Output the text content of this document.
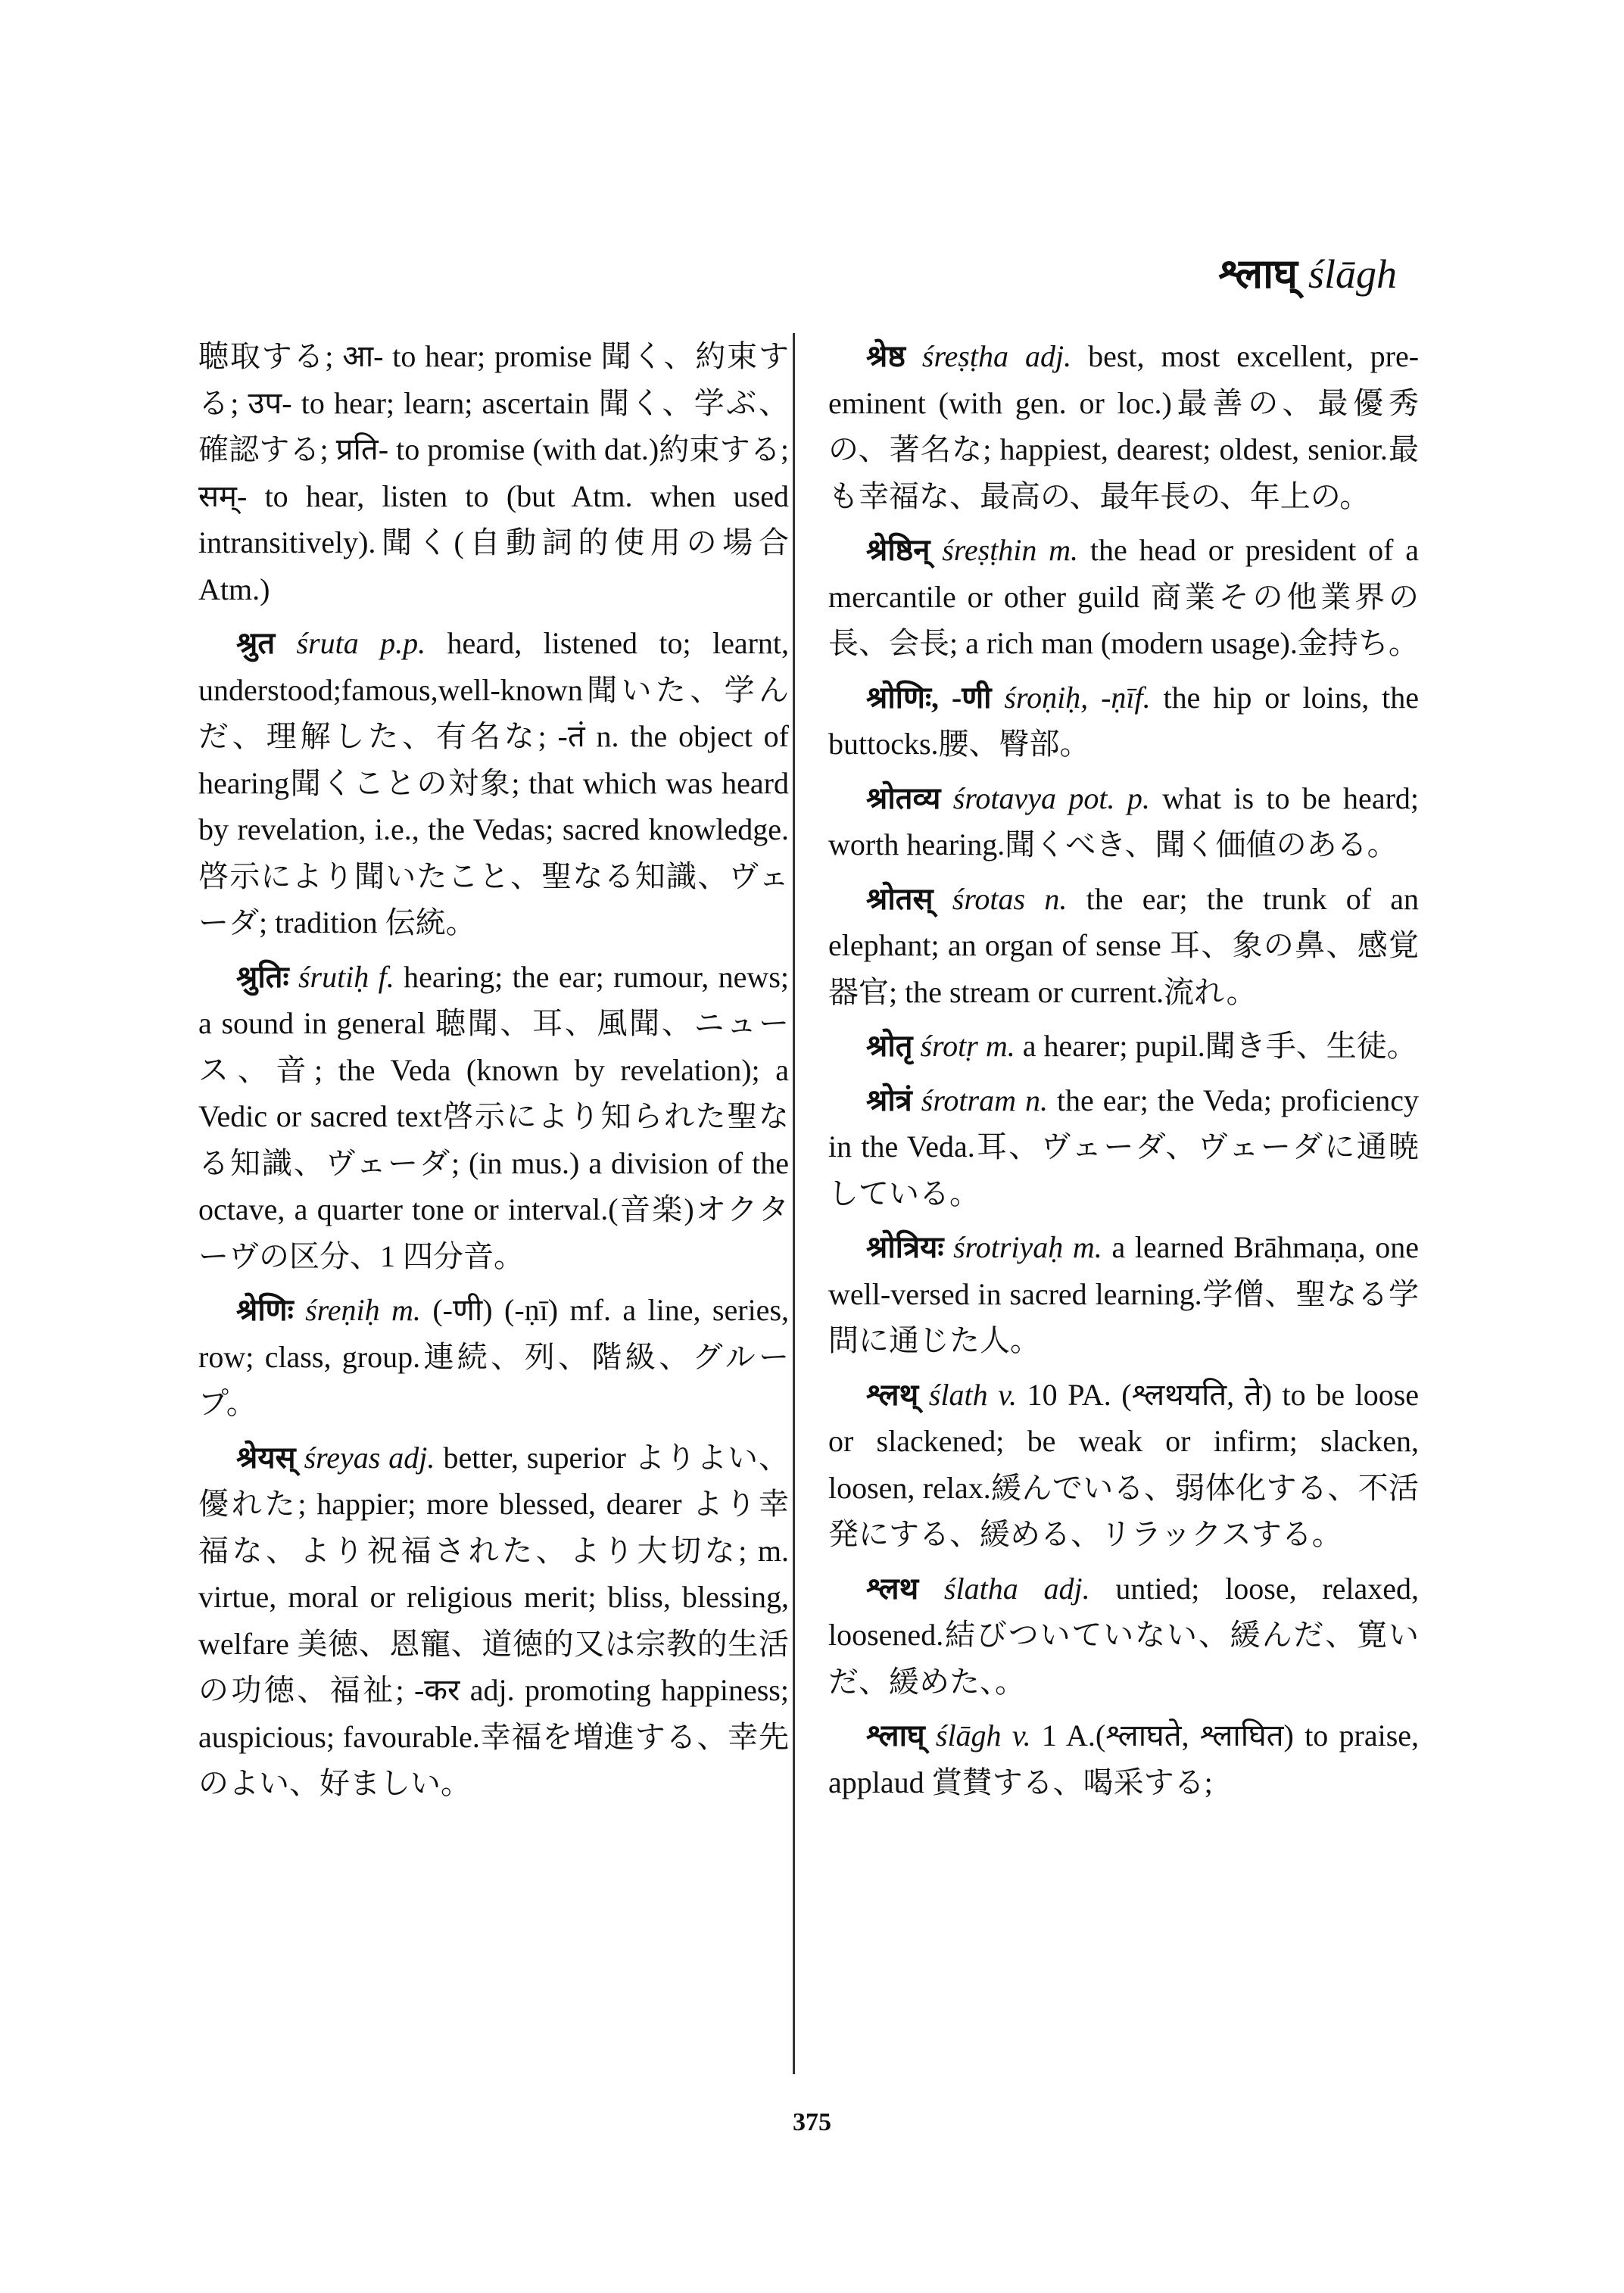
श्लाघ् ślāgh

聴取する; आ- to hear; promise 聞く、約束する; उप- to hear; learn; ascertain 聞く、学ぶ、確認する; प्रति- to promise (with dat.)約束する; सम्- to hear, listen to (but Atm. when used intransitively).聞く(自動詞的使用の場合 Atm.)

श्रुत śruta p.p. heard, listened to; learnt, understood;famous,well-known聞いた、学んだ、理解した、有名な; -तं n. the object of hearing聞くことの対象; that which was heard by revelation, i.e., the Vedas; sacred knowledge.啓示により聞いたこと、聖なる知識、ヴェーダ; tradition 伝統。

श्रुतिः śrutiḥ f. hearing; the ear; rumour, news; a sound in general 聴聞、耳、風聞、ニュース、音; the Veda (known by revelation); a Vedic or sacred text啓示により知られた聖なる知識、ヴェーダ; (in mus.) a division of the octave, a quarter tone or interval.(音楽)オクターヴの区分、1 四分音。

श्रेणिः śreṇiḥ m. (-णी) (-ṇī) mf. a line, series, row; class, group.連続、列、階級、グループ。

श्रेयस् śreyas adj. better, superior よりよい、優れた; happier; more blessed, dearer より幸福な、より祝福された、より大切な; m. virtue, moral or religious merit; bliss, blessing, welfare 美徳、恩寵、道徳的又は宗教的生活の功徳、福祉; -कर adj. promoting happiness; auspicious; favourable.幸福を増進する、幸先のよい、好ましい。

श्रेष्ठ śreṣṭha adj. best, most excellent, pre-eminent (with gen. or loc.)最善の、最優秀の、著名な; happiest, dearest; oldest, senior.最も幸福な、最高の、最年長の、年上の。

श्रेष्ठिन् śreṣṭhin m. the head or president of a mercantile or other guild 商業その他業界の長、会長; a rich man (modern usage).金持ち。

श्रोणिः, -णी śroṇiḥ, -ṇīf. the hip or loins, the buttocks.腰、臀部。

श्रोतव्य śrotavya pot. p. what is to be heard; worth hearing.聞くべき、聞く価値のある。

श्रोतस् śrotas n. the ear; the trunk of an elephant; an organ of sense 耳、象の鼻、感覚器官; the stream or current.流れ。

श्रोतृ śrotṛ m. a hearer; pupil.聞き手、生徒。

श्रोत्रं śrotram n. the ear; the Veda; proficiency in the Veda.耳、ヴェーダ、ヴェーダに通暁している。

श्रोत्रियः śrotriyaḥ m. a learned Brāhmaṇa, one well-versed in sacred learning.学僧、聖なる学問に通じた人。

श्लथ् ślath v. 10 PA. (श्लथयति, ते) to be loose or slackened; be weak or infirm; slacken, loosen, relax.緩んでいる、弱体化する、不活発にする、緩める、リラックスする。

श्लथ ślatha adj. untied; loose, relaxed, loosened.結びついていない、緩んだ、寛いだ、緩めた、。

श्लाघ् ślāgh v. 1 A.(श्लाघते, श्लाघित) to praise, applaud 賞賛する、喝采する;

375
